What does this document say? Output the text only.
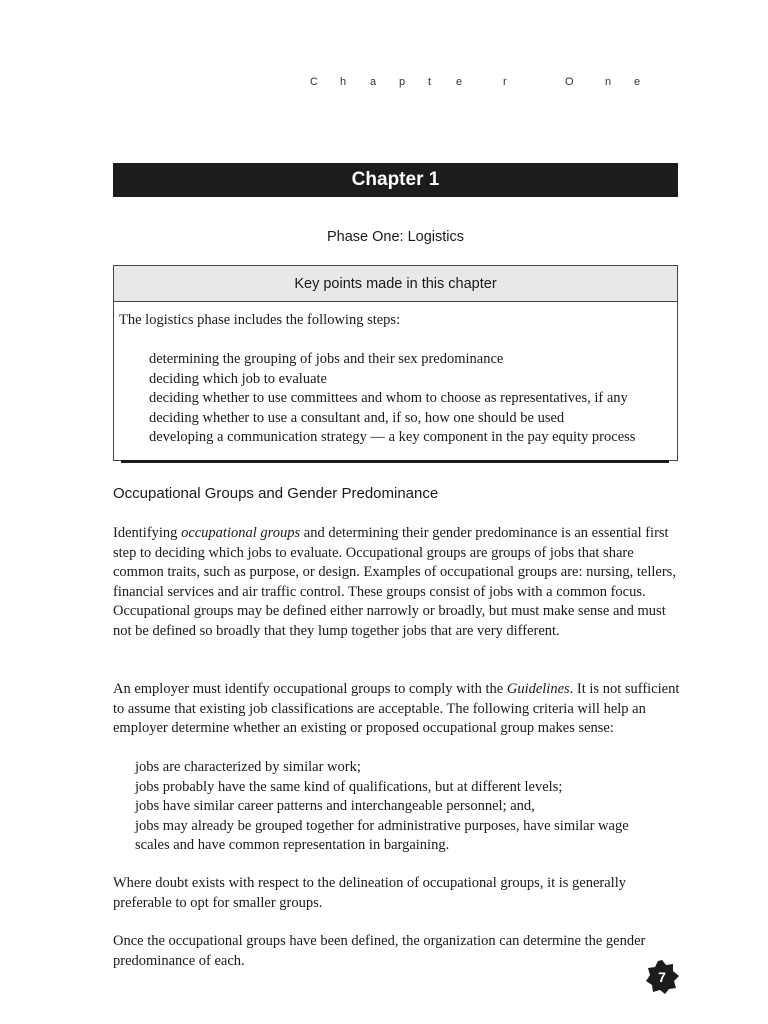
C h a p t e	r	O	n e
Chapter 1
Phase One: Logistics
Key points made in this chapter
The logistics phase includes the following steps:
determining the grouping of jobs and their sex predominance
deciding which job to evaluate
deciding whether to use committees and whom to choose as representatives, if any
deciding whether to use a consultant and, if so, how one should be used
developing a communication strategy — a key component in the pay equity process
Occupational Groups and Gender Predominance

Identifying occupational groups and determining their gender predominance is an essential first step to deciding which jobs to evaluate. Occupational groups are groups of jobs that share common traits, such as purpose, or design. Examples of occupational groups are: nursing, tellers, financial services and air traffic control. These groups consist of jobs with a common focus. Occupational groups may be defined either narrowly or broadly, but must make sense and must not be defined so broadly that they lump together jobs that are very different.

An employer must identify occupational groups to comply with the Guidelines. It is not sufficient to assume that existing job classifications are acceptable. The following criteria will help an employer determine whether an existing or proposed occupational group makes sense:

jobs are characterized by similar work;
jobs probably have the same kind of qualifications, but at different levels;
jobs have similar career patterns and interchangeable personnel; and,
jobs may already be grouped together for administrative purposes, have similar wage
scales and have common representation in bargaining.

Where doubt exists with respect to the delineation of occupational groups, it is generally preferable to opt for smaller groups.

Once the occupational groups have been defined, the organization can determine the gender predominance of each.

7
